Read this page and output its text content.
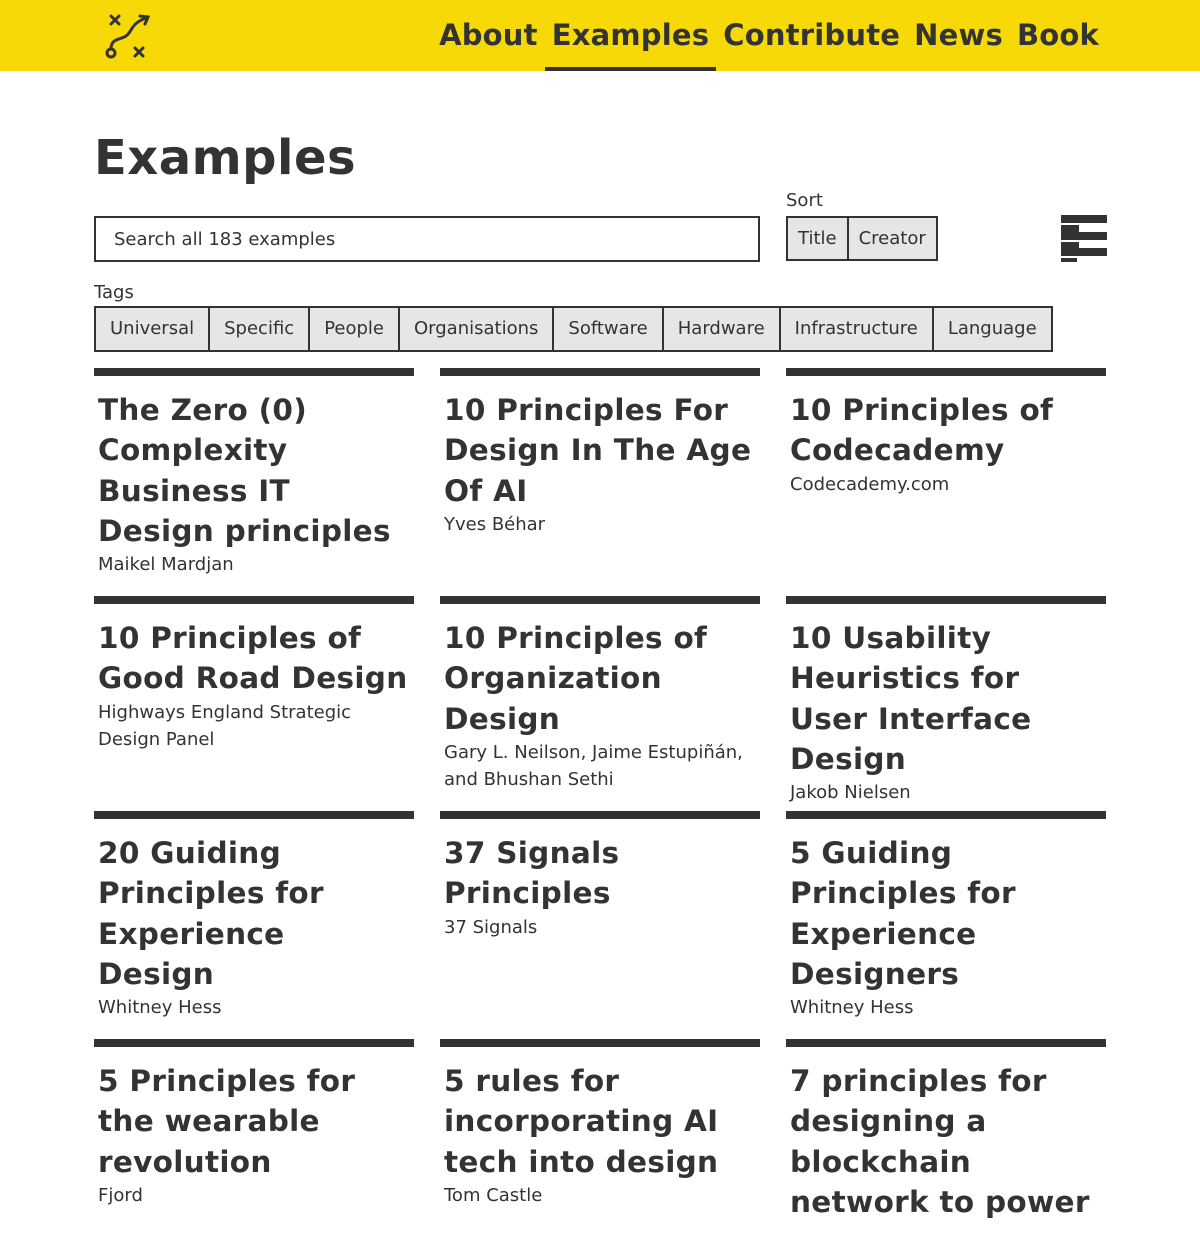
About Examples Contribute News Book
Examples
Search all 183 examples
Sort
Title	Creator
Tags
Universal	Specific	People	Organisations	Software	Hardware	Infrastructure	Language
The Zero (0) Complexity Business IT Design principles
Maikel Mardjan
10 Principles For Design In The Age Of AI
Yves Béhar
10 Principles of Codecademy
Codecademy.com
10 Principles of Good Road Design
Highways England Strategic Design Panel
10 Principles of Organization Design
Gary L. Neilson, Jaime Estupiñán, and Bhushan Sethi
10 Usability Heuristics for User Interface Design
Jakob Nielsen
20 Guiding Principles for Experience Design
Whitney Hess
37 Signals Principles
37 Signals
5 Guiding Principles for Experience Designers
Whitney Hess
5 Principles for the wearable revolution
Fjord
5 rules for incorporating AI tech into design
Tom Castle
7 principles for designing a blockchain network to power
